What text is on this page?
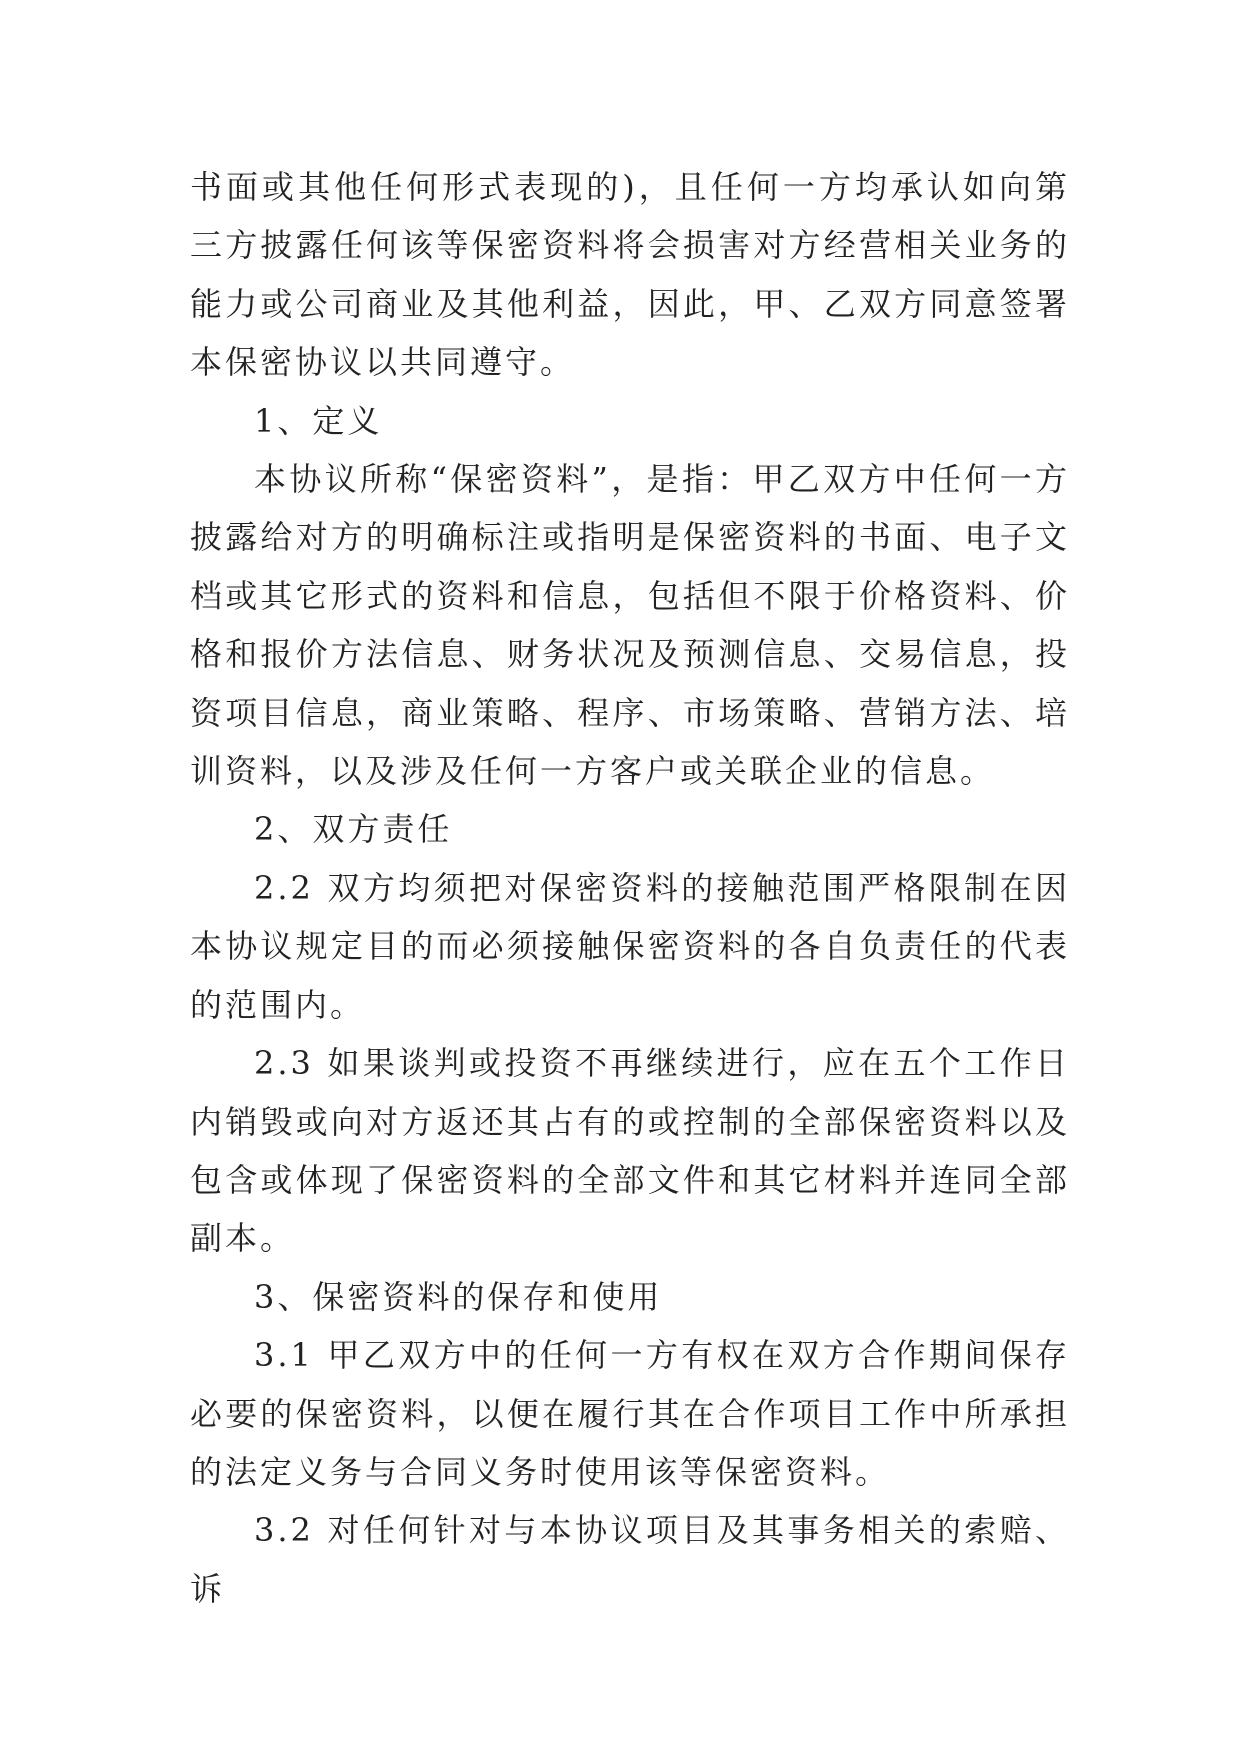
书面或其他任何形式表现的)，且任何一方均承认如向第三方披露任何该等保密资料将会损害对方经营相关业务的能力或公司商业及其他利益，因此，甲、乙双方同意签署本保密协议以共同遵守。

1、定义

本协议所称“保密资料”，是指：甲乙双方中任何一方披露给对方的明确标注或指明是保密资料的书面、电子文档或其它形式的资料和信息，包括但不限于价格资料、价格和报价方法信息、财务状况及预测信息、交易信息，投资项目信息，商业策略、程序、市场策略、营销方法、培训资料，以及涉及任何一方客户或关联企业的信息。

2、双方责任

2.2 双方均须把对保密资料的接触范围严格限制在因本协议规定目的而必须接触保密资料的各自负责任的代表的范围内。

2.3 如果谈判或投资不再继续进行，应在五个工作日内销毁或向对方返还其占有的或控制的全部保密资料以及包含或体现了保密资料的全部文件和其它材料并连同全部副本。

3、保密资料的保存和使用

3.1 甲乙双方中的任何一方有权在双方合作期间保存必要的保密资料，以便在履行其在合作项目工作中所承担的法定义务与合同义务时使用该等保密资料。

3.2 对任何针对与本协议项目及其事务相关的索赔、诉
